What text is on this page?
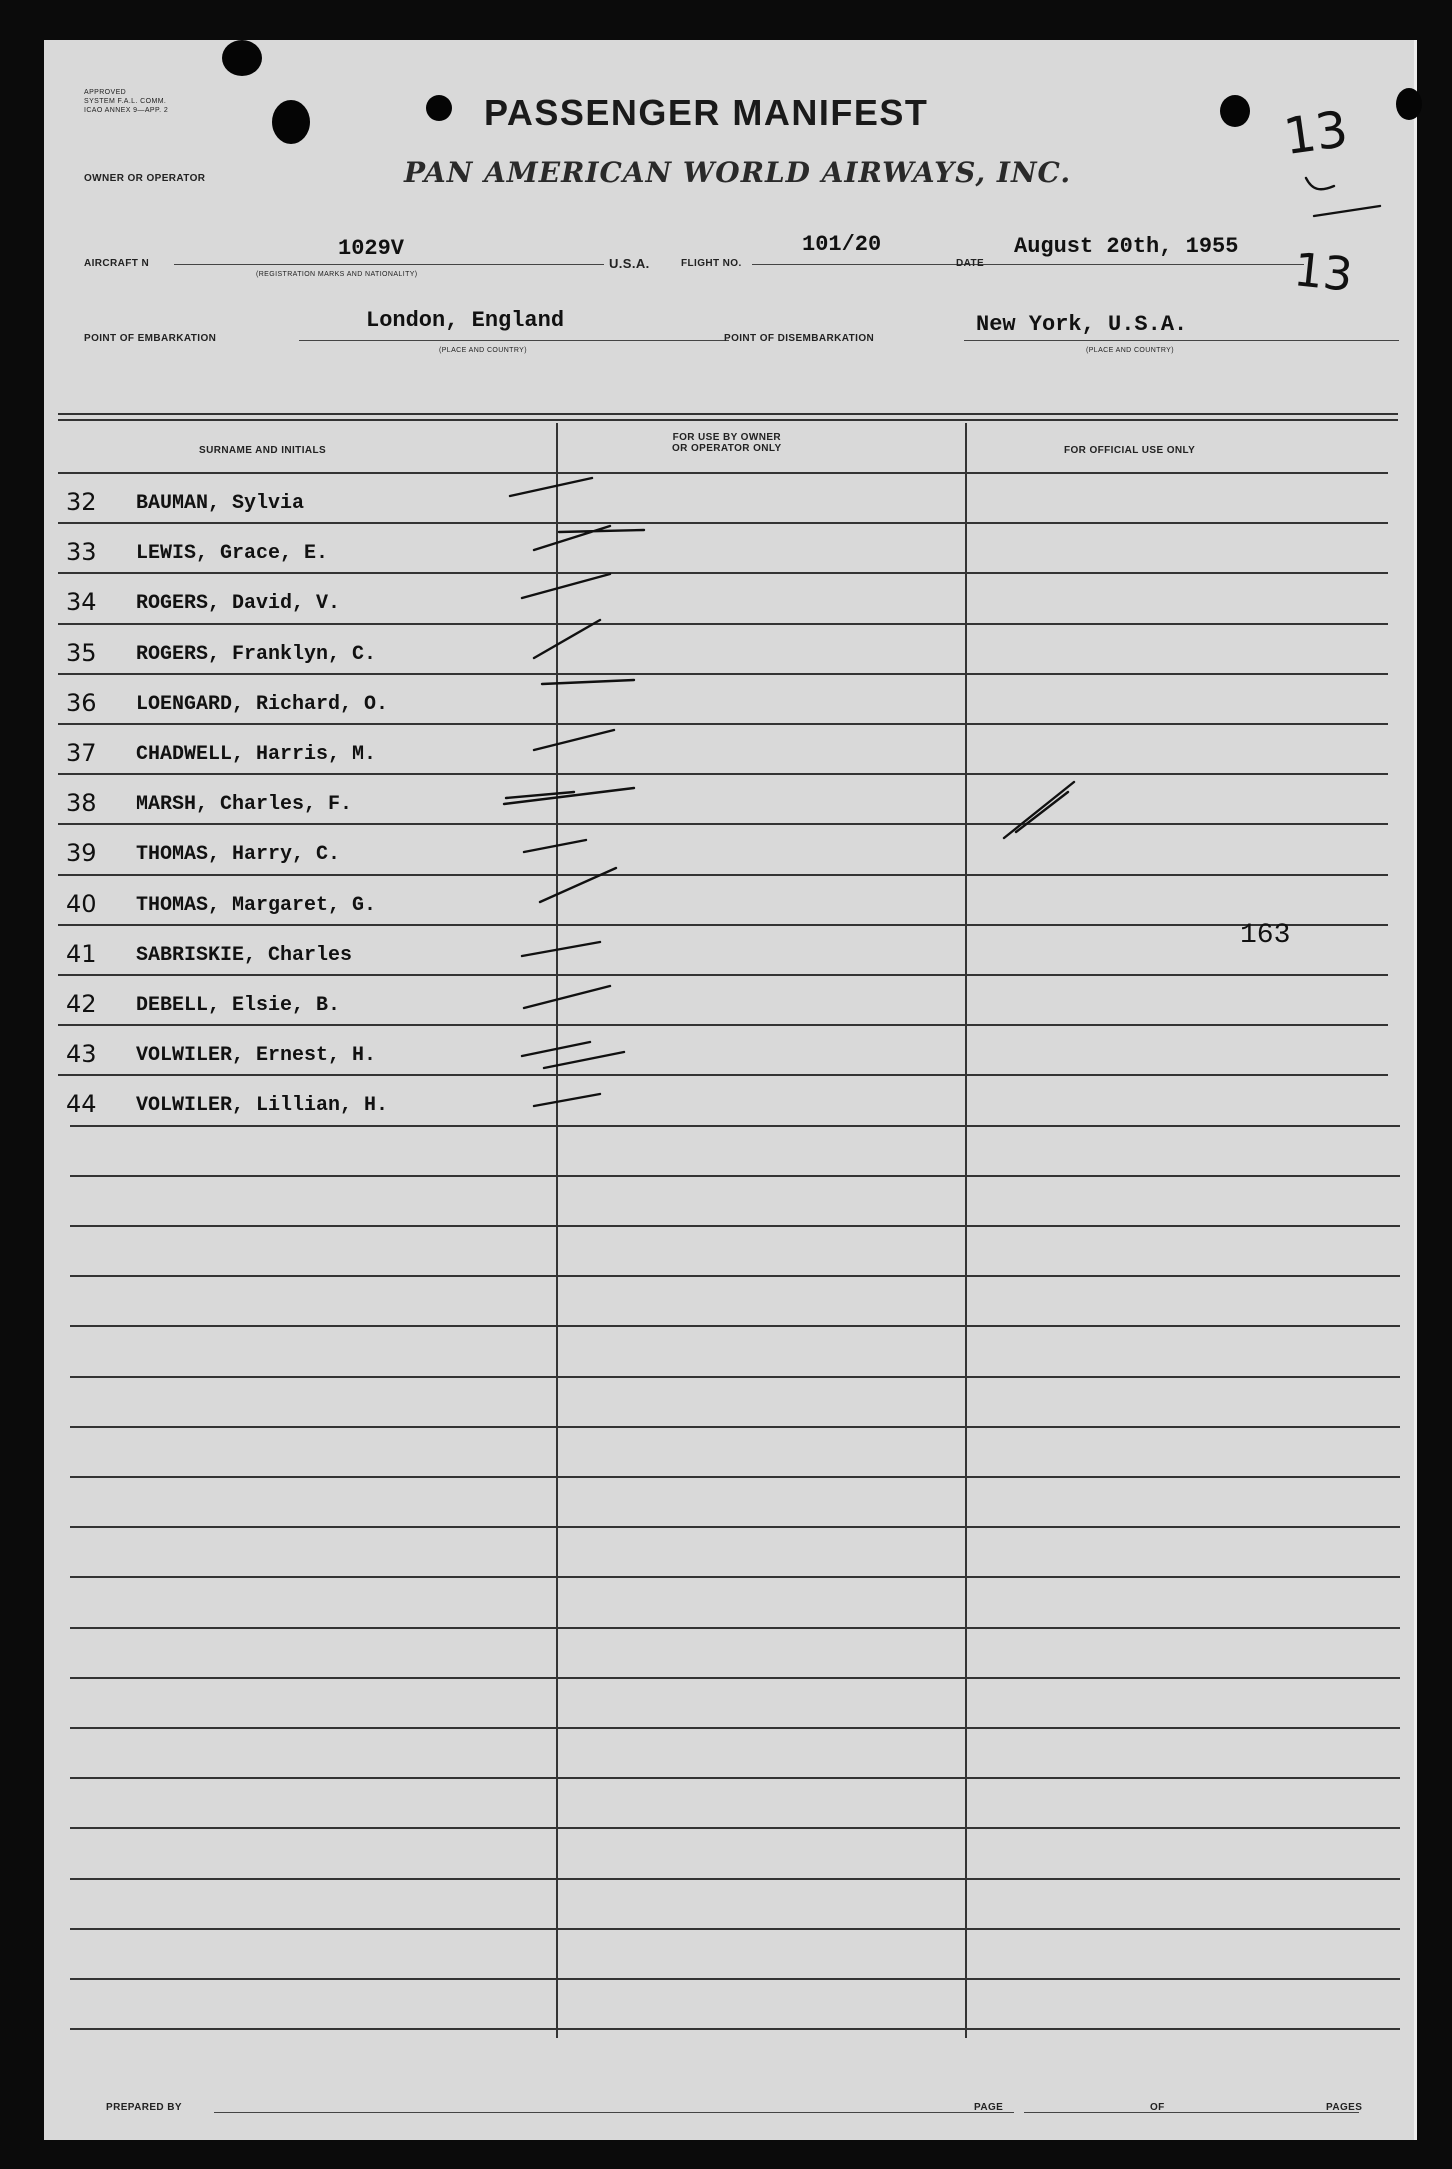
APPROVED
SYSTEM F.A.L. COMM.
ICAO ANNEX 9—APP. 2	PASSENGER MANIFEST
OWNER OR OPERATOR	PAN AMERICAN WORLD AIRWAYS, INC.
AIRCRAFT N
1029V
(REGISTRATION MARKS AND NATIONALITY)
U.S.A.	FLIGHT NO.
101/20
DATE
August 20th, 1955
POINT OF EMBARKATION
London, England
(PLACE AND COUNTRY)
POINT OF DISEMBARKATION
New York, U.S.A.
(PLACE AND COUNTRY)
13
13
SURNAME AND INITIALS
FOR USE BY OWNER
OR OPERATOR ONLY	FOR OFFICIAL USE ONLY
32 BAUMAN, Sylvia
33 LEWIS, Grace, E.
34 ROGERS, David, V.
35 ROGERS, Franklyn, C.
36 LOENGARD, Richard, O.
37 CHADWELL, Harris, M.
38 MARSH, Charles, F.
39 THOMAS, Harry, C.
40 THOMAS, Margaret, G.
41 SABRISKIE, Charles
42 DEBELL, Elsie, B.
43 VOLWILER, Ernest, H.
44 VOLWILER, Lillian, H.
163
PREPARED BY	PAGE	OF	PAGES
